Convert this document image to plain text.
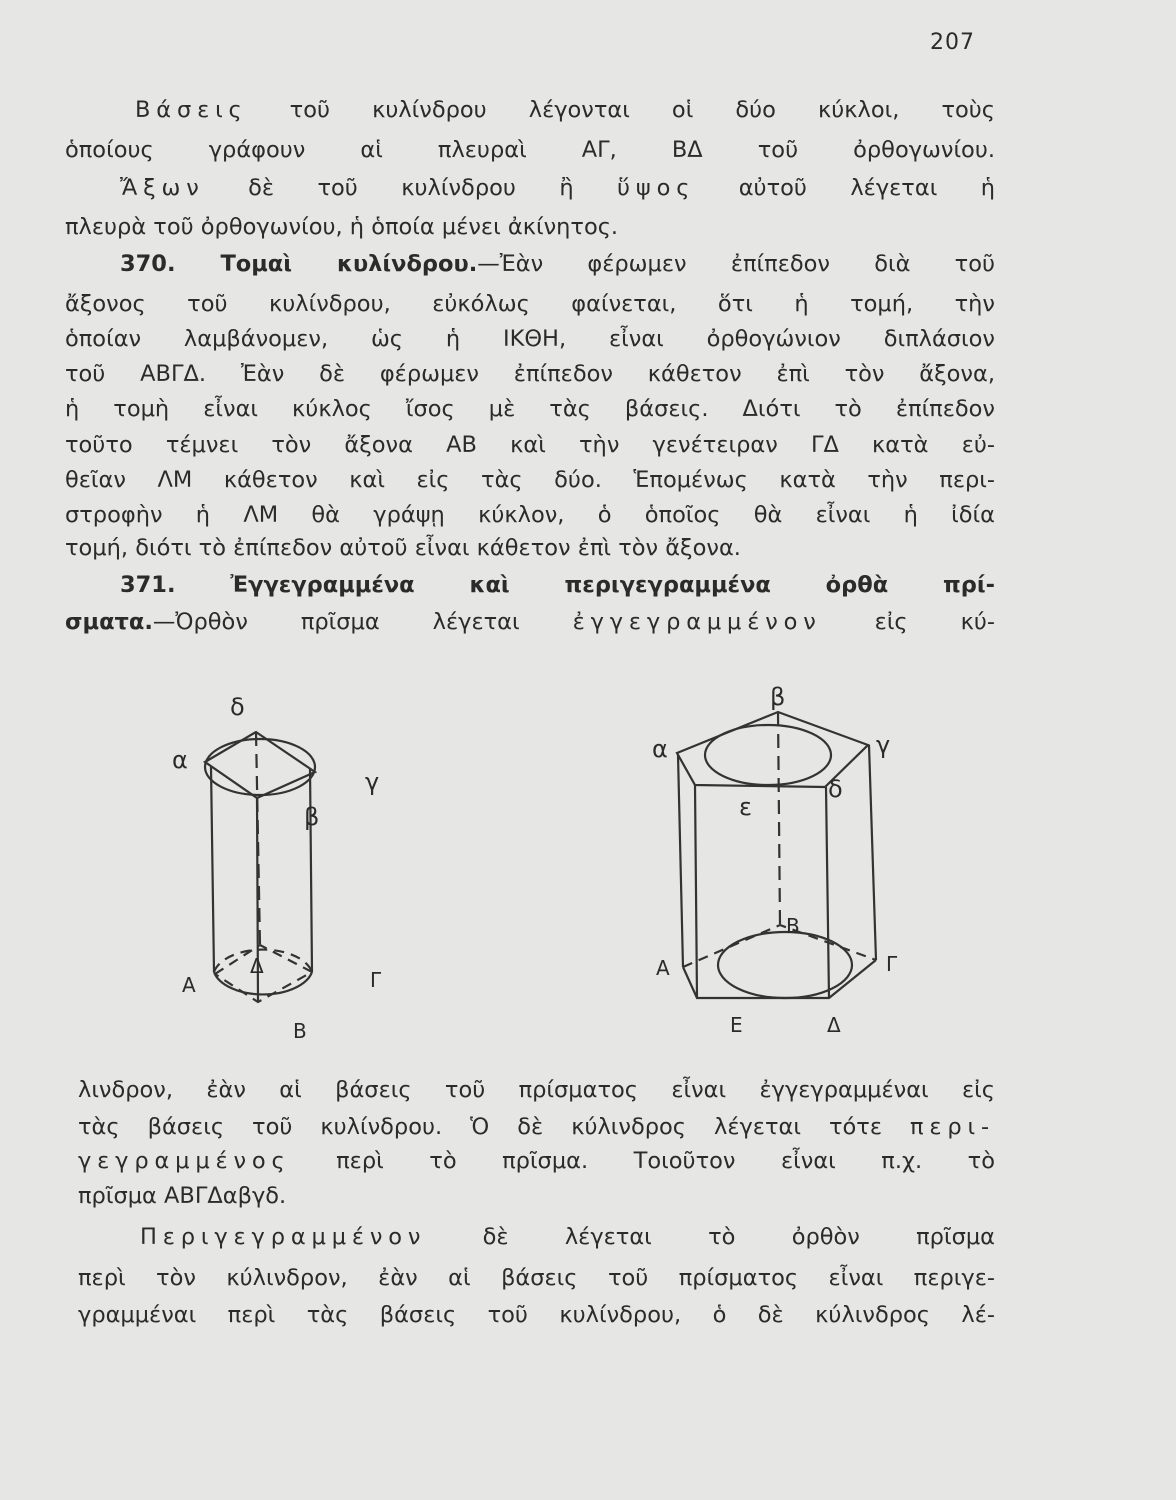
207
Βάσεις τοῦ κυλίνδρου λέγονται οἱ δύο κύκλοι, τοὺς
ὁποίους γράφουν αἱ πλευραὶ ΑΓ, ΒΔ τοῦ ὀρθογωνίου.
Ἄξων δὲ τοῦ κυλίνδρου ἢ ὕψος αὐτοῦ λέγεται ἡ
πλευρὰ τοῦ ὀρθογωνίου, ἡ ὁποία μένει ἀκίνητος.
370. Τομαὶ κυλίνδρου.—Ἐὰν φέρωμεν ἐπίπεδον διὰ τοῦ
ἄξονος τοῦ κυλίνδρου, εὐκόλως φαίνεται, ὅτι ἡ τομή, τὴν
ὁποίαν λαμβάνομεν, ὡς ἡ ΙΚΘΗ, εἶναι ὀρθογώνιον διπλάσιον
τοῦ ΑΒΓΔ. Ἐὰν δὲ φέρωμεν ἐπίπεδον κάθετον ἐπὶ τὸν ἄξονα,
ἡ τομὴ εἶναι κύκλος ἴσος μὲ τὰς βάσεις. Διότι τὸ ἐπίπεδον
τοῦτο τέμνει τὸν ἄξονα ΑΒ καὶ τὴν γενέτειραν ΓΔ κατὰ εὐ-
θεῖαν ΛΜ κάθετον καὶ εἰς τὰς δύο. Ἑπομένως κατὰ τὴν περι-
στροφὴν ἡ ΛΜ θὰ γράψῃ κύκλον, ὁ ὁποῖος θὰ εἶναι ἡ ἰδία
τομή, διότι τὸ ἐπίπεδον αὐτοῦ εἶναι κάθετον ἐπὶ τὸν ἄξονα.
371. Ἐγγεγραμμένα καὶ περιγεγραμμένα ὀρθὰ πρί-
σματα.—Ὀρθὸν πρῖσμα λέγεται ἐγγεγραμμένον εἰς κύ-
δ
α
γ
β
Δ
Α	Γ
Β
β
α	γ
δ
ε
Β
Α	Γ
Ε	Δ
λινδρον, ἐὰν αἱ βάσεις τοῦ πρίσματος εἶναι ἐγγεγραμμέναι εἰς
τὰς βάσεις τοῦ κυλίνδρου. Ὁ δὲ κύλινδρος λέγεται τότε περι-
γεγραμμένος περὶ τὸ πρῖσμα. Τοιοῦτον εἶναι π.χ. τὸ
πρῖσμα ΑΒΓΔαβγδ.
Περιγεγραμμένον δὲ λέγεται τὸ ὀρθὸν πρῖσμα
περὶ τὸν κύλινδρον, ἐὰν αἱ βάσεις τοῦ πρίσματος εἶναι περιγε-
γραμμέναι περὶ τὰς βάσεις τοῦ κυλίνδρου, ὁ δὲ κύλινδρος λέ-
